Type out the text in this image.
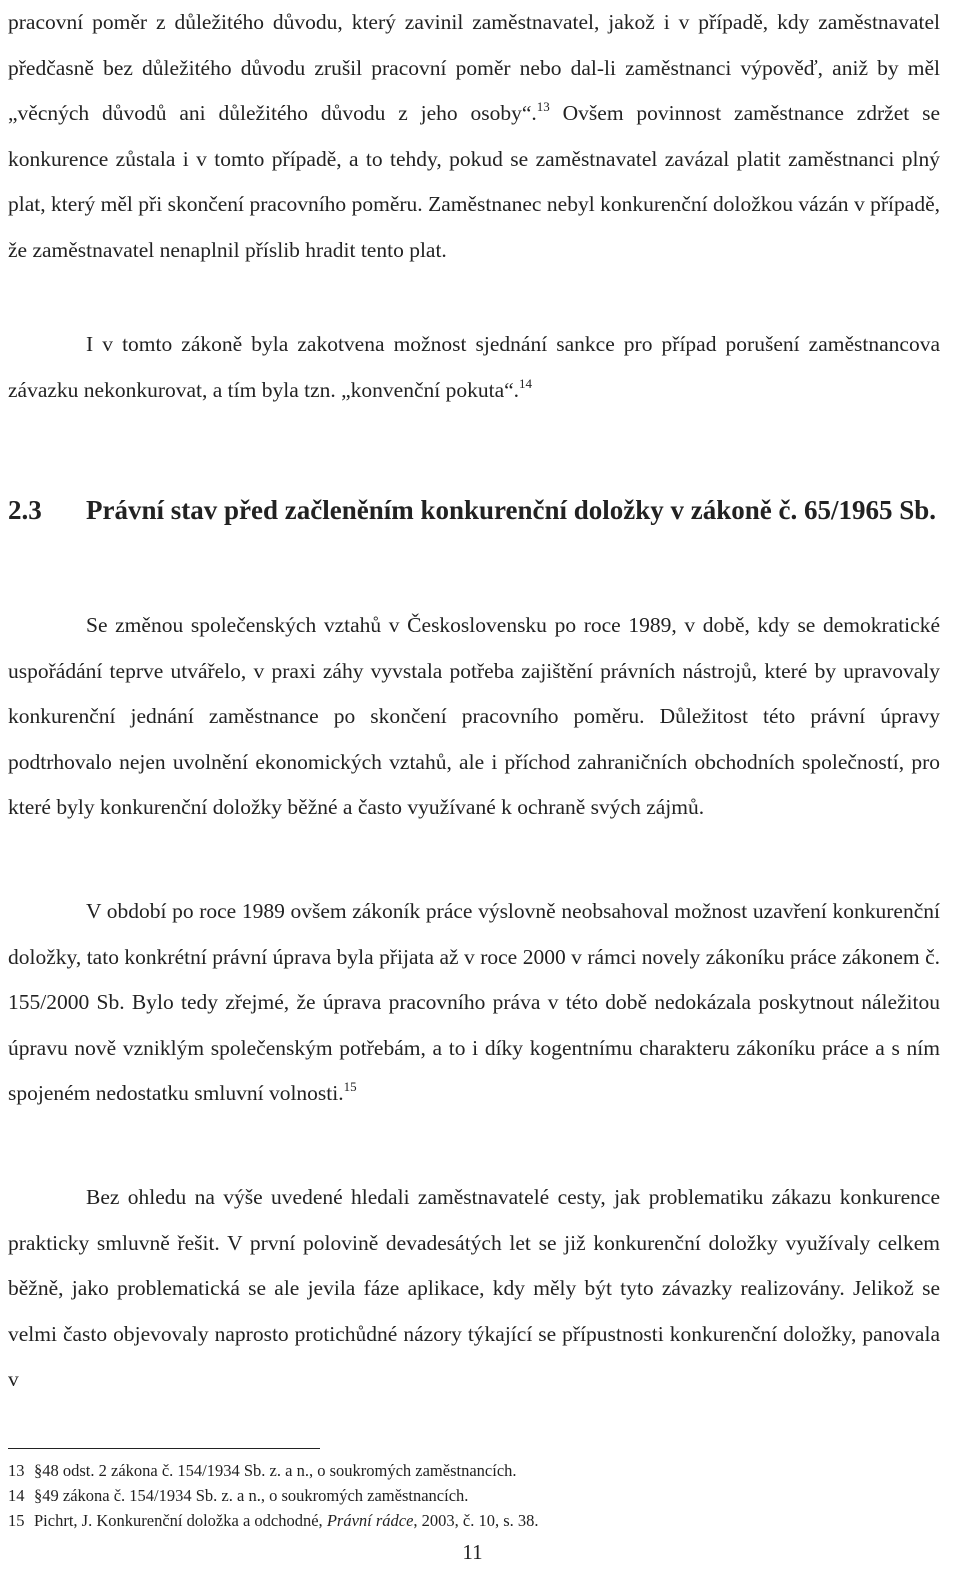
pracovní poměr z důležitého důvodu, který zavinil zaměstnavatel, jakož i v případě, kdy zaměstnavatel předčasně bez důležitého důvodu zrušil pracovní poměr nebo dal-li zaměstnanci výpověď, aniž by měl „věcných důvodů ani důležitého důvodu z jeho osoby“.$^{13}$ Ovšem povinnost zaměstnance zdržet se konkurence zůstala i v tomto případě, a to tehdy, pokud se zaměstnavatel zavázal platit zaměstnanci plný plat, který měl při skončení pracovního poměru. Zaměstnanec nebyl konkurenční doložkou vázán v případě, že zaměstnavatel nenaplnil příslib hradit tento plat.

I v tomto zákoně byla zakotvena možnost sjednání sankce pro případ porušení zaměstnancova závazku nekonkurovat, a tím byla tzn. „konvenční pokuta“.$^{14}$

2.3 Právní stav před začleněním konkurenční doložky v zákoně č. 65/1965 Sb.

Se změnou společenských vztahů v Československu po roce 1989, v době, kdy se demokratické uspořádání teprve utvářelo, v praxi záhy vyvstala potřeba zajištění právních nástrojů, které by upravovaly konkurenční jednání zaměstnance po skončení pracovního poměru. Důležitost této právní úpravy podtrhovalo nejen uvolnění ekonomických vztahů, ale i příchod zahraničních obchodních společností, pro které byly konkurenční doložky běžné a často využívané k ochraně svých zájmů.

V období po roce 1989 ovšem zákoník práce výslovně neobsahoval možnost uzavření konkurenční doložky, tato konkrétní právní úprava byla přijata až v roce 2000 v rámci novely zákoníku práce zákonem č. 155/2000 Sb. Bylo tedy zřejmé, že úprava pracovního práva v této době nedokázala poskytnout náležitou úpravu nově vzniklým společenským potřebám, a to i díky kogentnímu charakteru zákoníku práce a s ním spojeném nedostatku smluvní volnosti.$^{15}$

Bez ohledu na výše uvedené hledali zaměstnavatelé cesty, jak problematiku zákazu konkurence prakticky smluvně řešit. V první polovině devadesátých let se již konkurenční doložky využívaly celkem běžně, jako problematická se ale jevila fáze aplikace, kdy měly být tyto závazky realizovány. Jelikož se velmi často objevovaly naprosto protichůdné názory týkající se přípustnosti konkurenční doložky, panovala v

13 §48 odst. 2 zákona č. 154/1934 Sb. z. a n., o soukromých zaměstnancích.
14 §49 zákona č. 154/1934 Sb. z. a n., o soukromých zaměstnancích.
15 Pichrt, J. Konkurenční doložka a odchodné, Právní rádce, 2003, č. 10, s. 38.
11
